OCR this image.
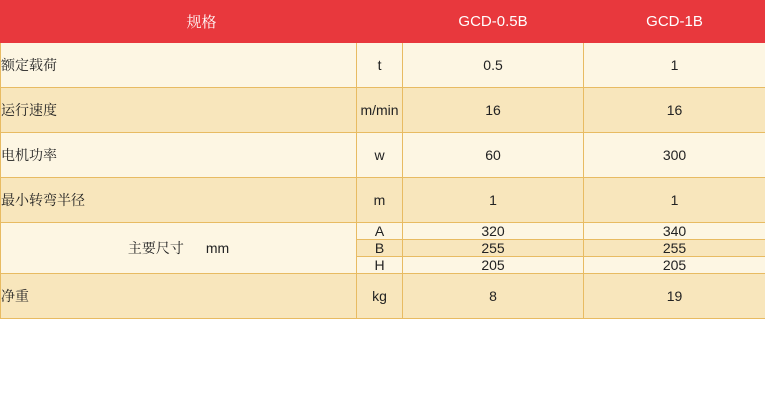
规格		GCD-0.5B	GCD-1B
额定载荷	t	0.5	1
运行速度	m/min	16	16
电机功率	w	60	300
最小转弯半径	m	1	1
主要尺寸 mm	A	320	340
	B	255	255
	H	205	205
净重	kg	8	19
